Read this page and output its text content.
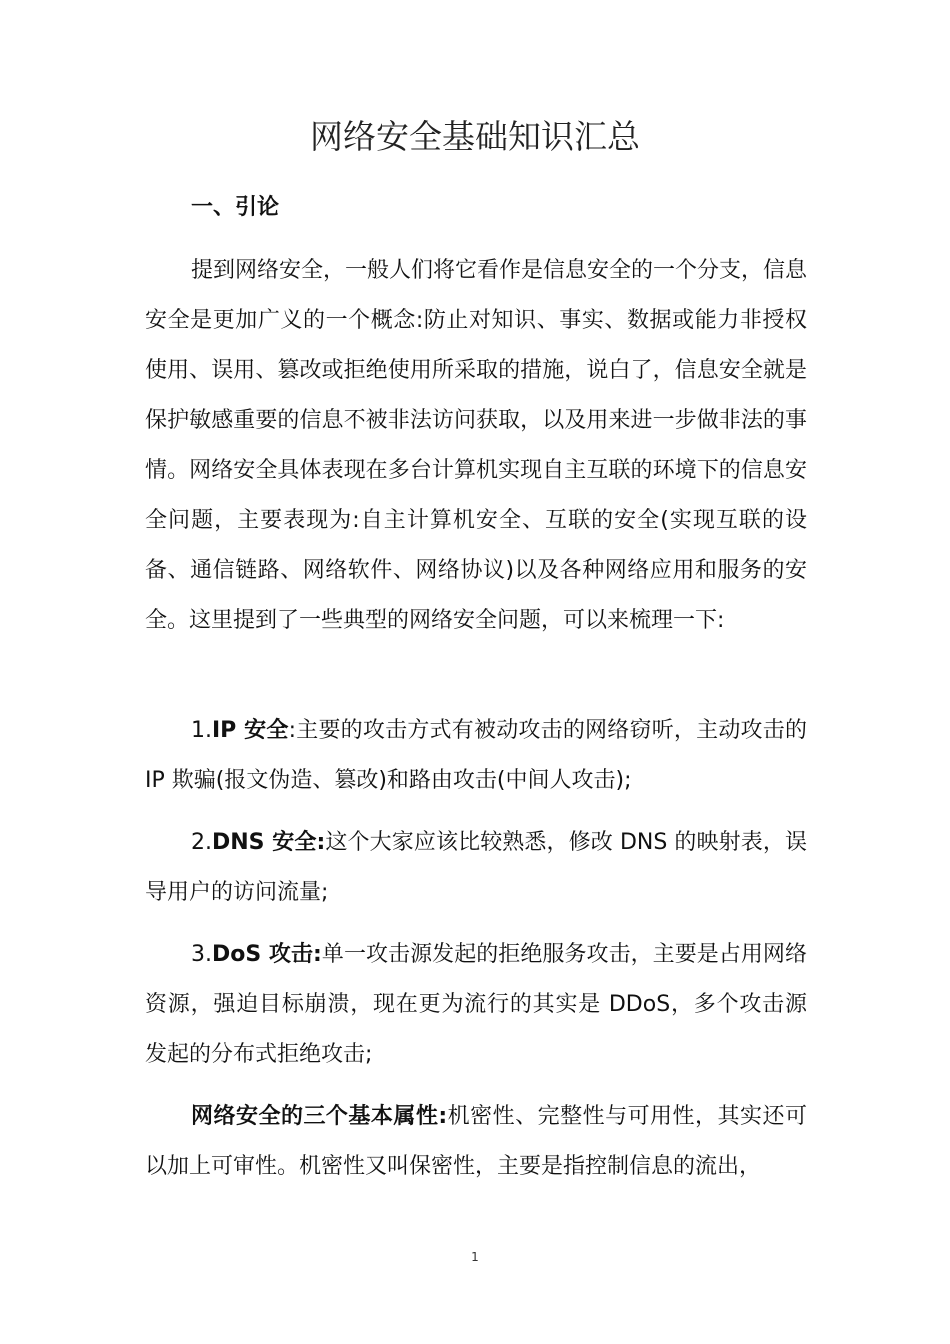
网络安全基础知识汇总
一、引论
提到网络安全，一般人们将它看作是信息安全的一个分支，信息安全是更加广义的一个概念:防止对知识、事实、数据或能力非授权使用、误用、篡改或拒绝使用所采取的措施，说白了，信息安全就是保护敏感重要的信息不被非法访问获取，以及用来进一步做非法的事情。网络安全具体表现在多台计算机实现自主互联的环境下的信息安全问题，主要表现为:自主计算机安全、互联的安全(实现互联的设备、通信链路、网络软件、网络协议)以及各种网络应用和服务的安全。这里提到了一些典型的网络安全问题，可以来梳理一下:
1.IP 安全:主要的攻击方式有被动攻击的网络窃听，主动攻击的 IP 欺骗(报文伪造、篡改)和路由攻击(中间人攻击);
2.DNS 安全:这个大家应该比较熟悉，修改 DNS 的映射表，误导用户的访问流量;
3.DoS 攻击:单一攻击源发起的拒绝服务攻击，主要是占用网络资源，强迫目标崩溃，现在更为流行的其实是 DDoS，多个攻击源发起的分布式拒绝攻击;
网络安全的三个基本属性:机密性、完整性与可用性，其实还可以加上可审性。机密性又叫保密性，主要是指控制信息的流出，
1
